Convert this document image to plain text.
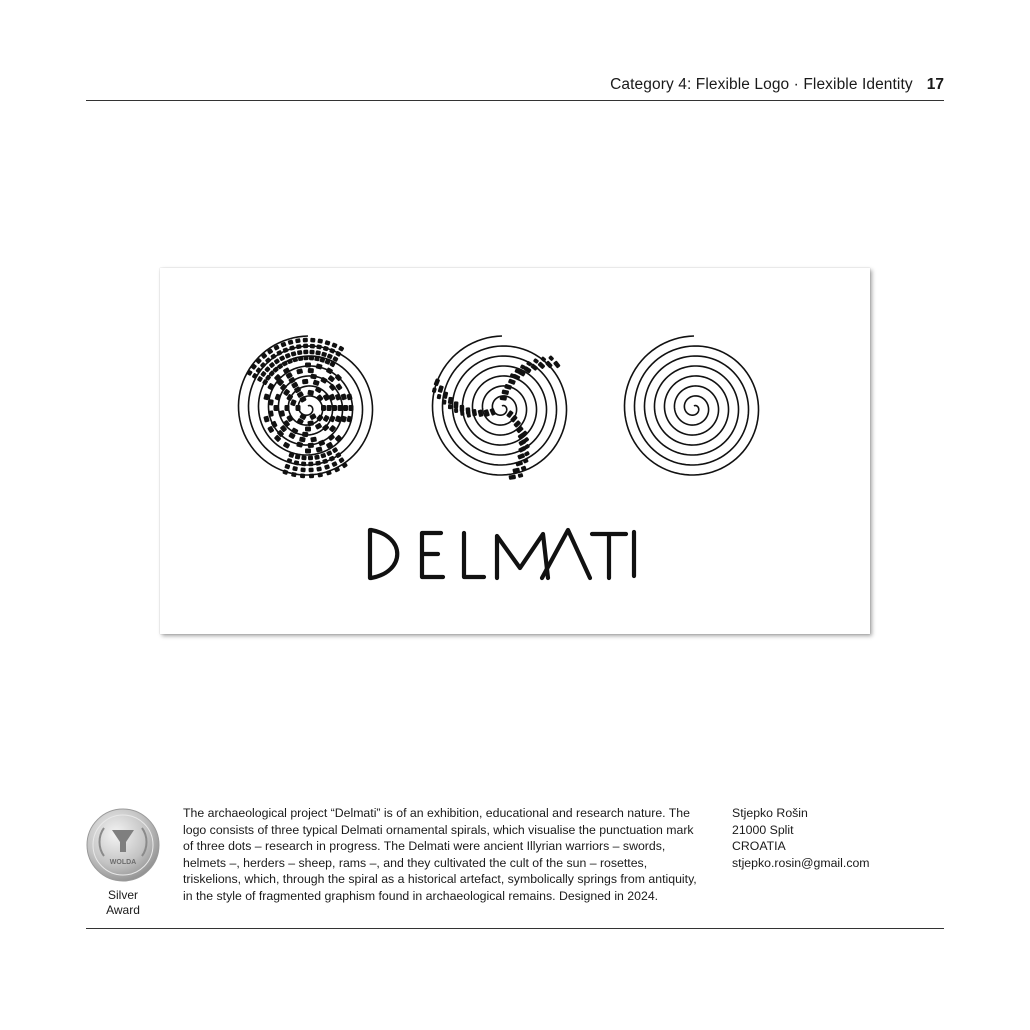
Category 4: Flexible Logo · Flexible Identity 17
WOLDA
Silver
Award

The archaeological project “Delmati” is of an exhibition, educational and research nature. The logo consists of three typical Delmati ornamental spirals, which visualise the punctuation mark of three dots – research in progress. The Delmati were ancient Illyrian warriors – swords, helmets –, herders – sheep, rams –, and they cultivated the cult of the sun – rosettes, triskelions, which, through the spiral as a historical artefact, symbolically springs from antiquity, in the style of fragmented graphism found in archaeological remains. Designed in 2024.

Stjepko Rošin
21000 Split
CROATIA
stjepko.rosin@gmail.com
